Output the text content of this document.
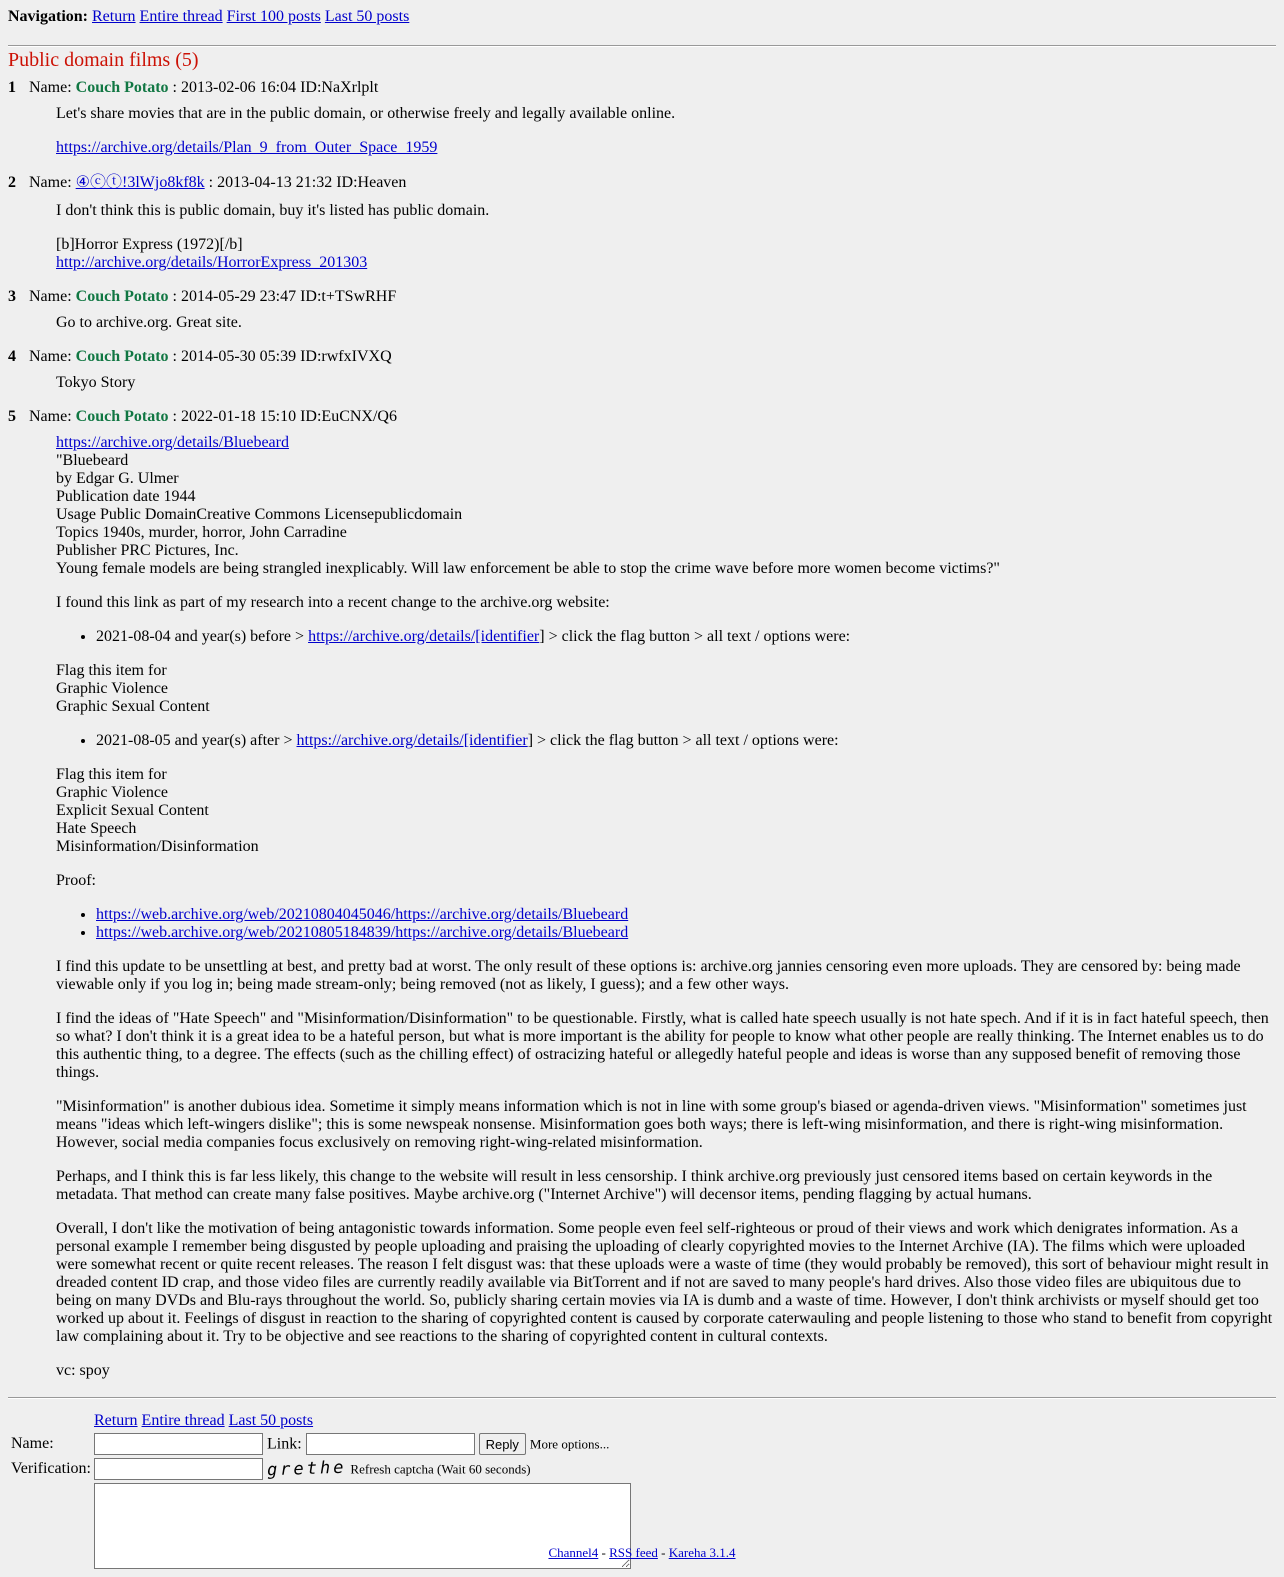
Navigation: Return Entire thread First 100 posts Last 50 posts
Public domain films (5)
1 Name: Couch Potato : 2013-02-06 16:04 ID:NaXrlplt

Let's share movies that are in the public domain, or otherwise freely and legally available online.

https://archive.org/details/Plan_9_from_Outer_Space_1959

2 Name: ④ⓒⓣ!3lWjo8kf8k : 2013-04-13 21:32 ID:Heaven

I don't think this is public domain, buy it's listed has public domain.

[b]Horror Express (1972)[/b]
http://archive.org/details/HorrorExpress_201303
3 Name: Couch Potato : 2014-05-29 23:47 ID:t+TSwRHF
Go to archive.org. Great site.
4 Name: Couch Potato : 2014-05-30 05:39 ID:rwfxIVXQ
Tokyo Story
5 Name: Couch Potato : 2022-01-18 15:10 ID:EuCNX/Q6
https://archive.org/details/Bluebeard
"Bluebeard
by Edgar G. Ulmer
Publication date 1944
Usage Public DomainCreative Commons Licensepublicdomain
Topics 1940s, murder, horror, John Carradine
Publisher PRC Pictures, Inc.

Young female models are being strangled inexplicably. Will law enforcement be able to stop the crime wave before more women become victims?"

I found this link as part of my research into a recent change to the archive.org website:

• 2021-08-04 and year(s) before > https://archive.org/details/[identifier] > click the flag button > all text / options were:
Flag this item for
Graphic Violence
Graphic Sexual Content
• 2021-08-05 and year(s) after > https://archive.org/details/[identifier] > click the flag button > all text / options were:
Flag this item for
Graphic Violence
Explicit Sexual Content
Hate Speech
Misinformation/Disinformation

Proof:

• https://web.archive.org/web/20210804045046/https://archive.org/details/Bluebeard
• https://web.archive.org/web/20210805184839/https://archive.org/details/Bluebeard

I find this update to be unsettling at best, and pretty bad at worst. The only result of these options is: archive.org jannies censoring even more uploads. They are censored by: being made viewable only if you log in; being made stream-only; being removed (not as likely, I guess); and a few other ways.

I find the ideas of "Hate Speech" and "Misinformation/Disinformation" to be questionable. Firstly, what is called hate speech usually is not hate spech. And if it is in fact hateful speech, then so what? I don't think it is a great idea to be a hateful person, but what is more important is the ability for people to know what other people are really thinking. The Internet enables us to do this authentic thing, to a degree. The effects (such as the chilling effect) of ostracizing hateful or allegedly hateful people and ideas is worse than any supposed benefit of removing those things.

"Misinformation" is another dubious idea. Sometime it simply means information which is not in line with some group's biased or agenda-driven views. "Misinformation" sometimes just means "ideas which left-wingers dislike"; this is some newspeak nonsense. Misinformation goes both ways; there is left-wing misinformation, and there is right-wing misinformation. However, social media companies focus exclusively on removing right-wing-related misinformation.

Perhaps, and I think this is far less likely, this change to the website will result in less censorship. I think archive.org previously just censored items based on certain keywords in the metadata. That method can create many false positives. Maybe archive.org ("Internet Archive") will decensor items, pending flagging by actual humans.

Overall, I don't like the motivation of being antagonistic towards information. Some people even feel self-righteous or proud of their views and work which denigrates information. As a personal example I remember being disgusted by people uploading and praising the uploading of clearly copyrighted movies to the Internet Archive (IA). The films which were uploaded were somewhat recent or quite recent releases. The reason I felt disgust was: that these uploads were a waste of time (they would probably be removed), this sort of behaviour might result in dreaded content ID crap, and those video files are currently readily available via BitTorrent and if not are saved to many people's hard drives. Also those video files are ubiquitous due to being on many DVDs and Blu-rays throughout the world. So, publicly sharing certain movies via IA is dumb and a waste of time. However, I don't think archivists or myself should get too worked up about it. Feelings of disgust in reaction to the sharing of copyrighted content is caused by corporate caterwauling and people listening to those who stand to benefit from copyright law complaining about it. Try to be objective and see reactions to the sharing of copyrighted content in cultural contexts.

vc: spoy

	Return Entire thread Last 50 posts
Name:	Link: Reply More options...
Verification:	grethe Refresh captcha (Wait 60 seconds)

Channel4 - RSS feed - Kareha 3.1.4
